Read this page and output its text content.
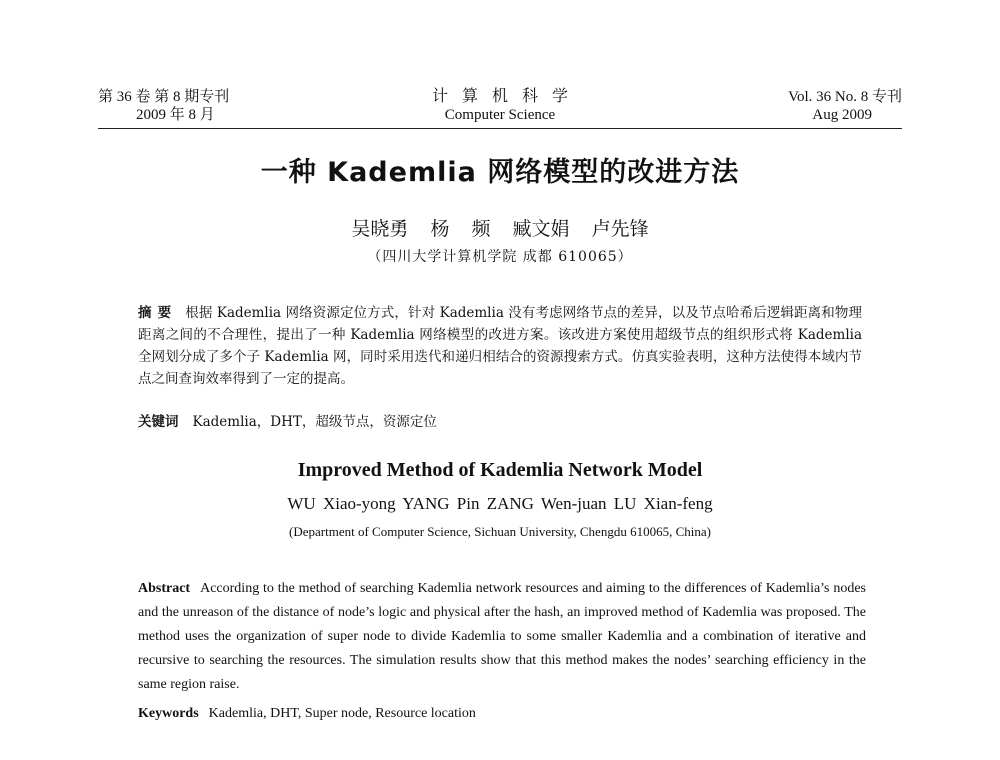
第 36 卷 第 8 期专刊
2009 年 8 月
计算机科学
Computer Science
Vol. 36 No. 8 专刊
Aug 2009
一种 Kademlia 网络模型的改进方法
吴晓勇 杨 频 臧文娟 卢先锋
（四川大学计算机学院 成都 610065）
摘要 根据 Kademlia 网络资源定位方式，针对 Kademlia 没有考虑网络节点的差异，以及节点哈希后逻辑距离和物理距离之间的不合理性，提出了一种 Kademlia 网络模型的改进方案。该改进方案使用超级节点的组织形式将 Kademlia 全网划分成了多个子 Kademlia 网，同时采用迭代和递归相结合的资源搜索方式。仿真实验表明，这种方法使得本域内节点之间查询效率得到了一定的提高。
关键词 Kademlia，DHT，超级节点，资源定位
Improved Method of Kademlia Network Model
WU Xiao-yong YANG Pin ZANG Wen-juan LU Xian-feng
(Department of Computer Science, Sichuan University, Chengdu 610065, China)
Abstract According to the method of searching Kademlia network resources and aiming to the differences of Kademlia’s nodes and the unreason of the distance of node’s logic and physical after the hash, an improved method of Kademlia was proposed. The method uses the organization of super node to divide Kademlia to some smaller Kademlia and a combination of iterative and recursive to searching the resources. The simulation results show that this method makes the nodes’ searching efficiency in the same region raise.
Keywords Kademlia, DHT, Super node, Resource location
